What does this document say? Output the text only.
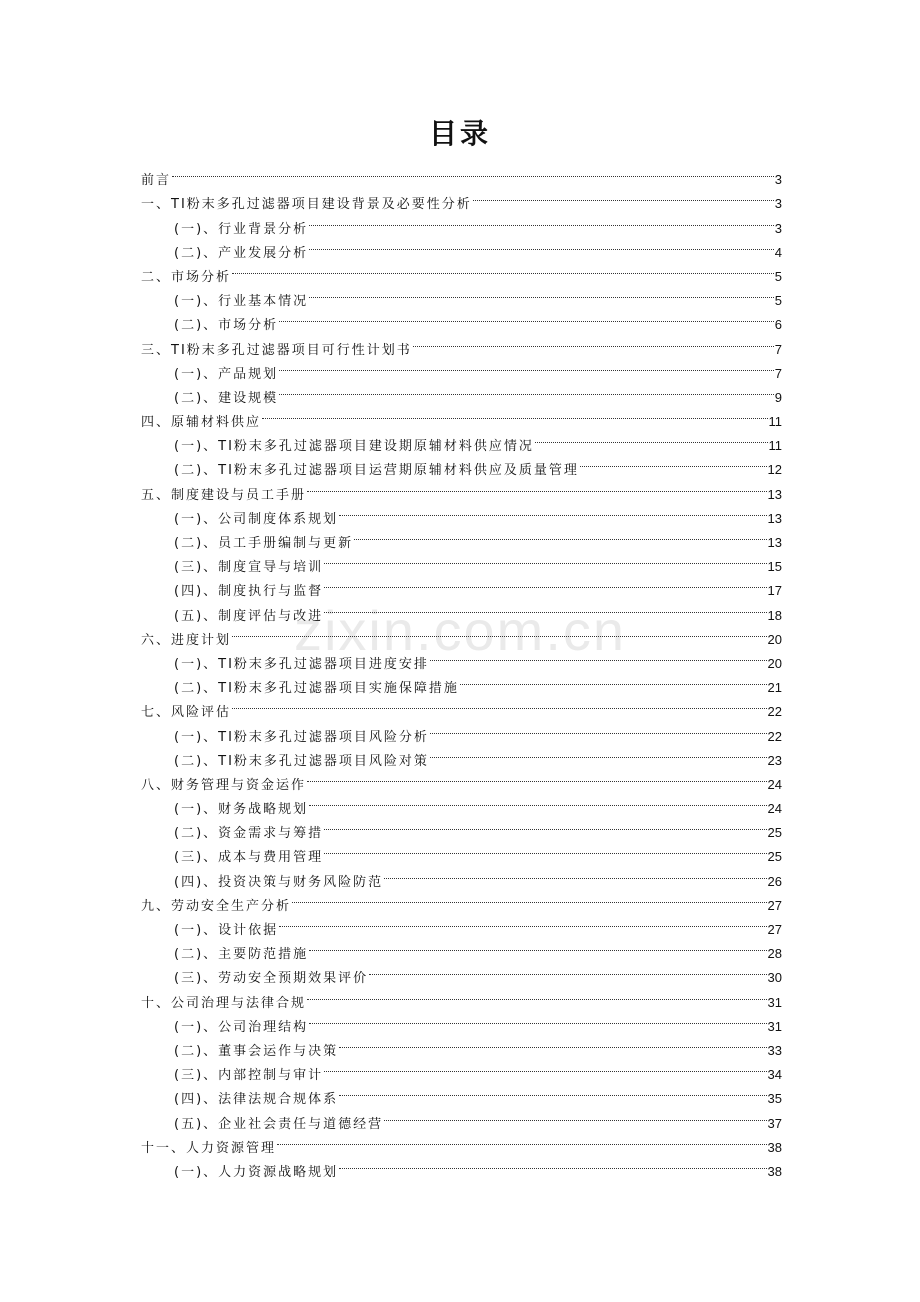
目录
zixin.com.cn
前言	3
一、TI粉末多孔过滤器项目建设背景及必要性分析	3
(一)、行业背景分析	3
(二)、产业发展分析	4
二、市场分析	5
(一)、行业基本情况	5
(二)、市场分析	6
三、TI粉末多孔过滤器项目可行性计划书	7
(一)、产品规划	7
(二)、建设规模	9
四、原辅材料供应	11
(一)、TI粉末多孔过滤器项目建设期原辅材料供应情况	11
(二)、TI粉末多孔过滤器项目运营期原辅材料供应及质量管理	12
五、制度建设与员工手册	13
(一)、公司制度体系规划	13
(二)、员工手册编制与更新	13
(三)、制度宣导与培训	15
(四)、制度执行与监督	17
(五)、制度评估与改进	18
六、进度计划	20
(一)、TI粉末多孔过滤器项目进度安排	20
(二)、TI粉末多孔过滤器项目实施保障措施	21
七、风险评估	22
(一)、TI粉末多孔过滤器项目风险分析	22
(二)、TI粉末多孔过滤器项目风险对策	23
八、财务管理与资金运作	24
(一)、财务战略规划	24
(二)、资金需求与筹措	25
(三)、成本与费用管理	25
(四)、投资决策与财务风险防范	26
九、劳动安全生产分析	27
(一)、设计依据	27
(二)、主要防范措施	28
(三)、劳动安全预期效果评价	30
十、公司治理与法律合规	31
(一)、公司治理结构	31
(二)、董事会运作与决策	33
(三)、内部控制与审计	34
(四)、法律法规合规体系	35
(五)、企业社会责任与道德经营	37
十一、人力资源管理	38
(一)、人力资源战略规划	38
